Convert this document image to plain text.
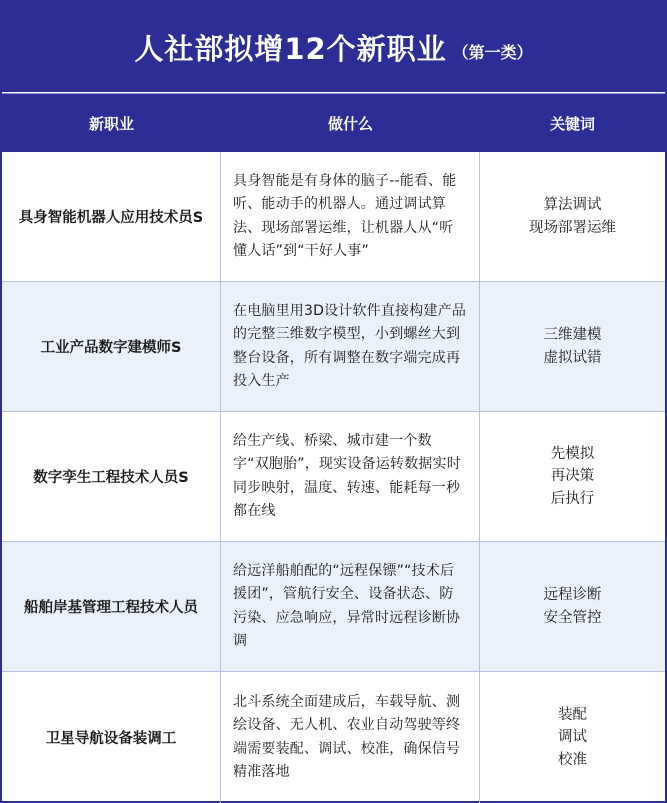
人社部拟增12个新职业 （第一类）
新职业	做什么	关键词
具身智能机器人应用技术员S
具身智能是有身体的脑子--能看、能听、能动手的机器人。通过调试算法、现场部署运维，让机器人从“听懂人话”到“干好人事”
算法调试
现场部署运维
工业产品数字建模师S
在电脑里用3D设计软件直接构建产品的完整三维数字模型，小到螺丝大到整台设备，所有调整在数字端完成再投入生产
三维建模
虚拟试错
数字孪生工程技术人员S
给生产线、桥梁、城市建一个数字“双胞胎”，现实设备运转数据实时同步映射，温度、转速、能耗每一秒都在线
先模拟
再决策
后执行
船舶岸基管理工程技术人员
给远洋船舶配的“远程保镖”“技术后援团”，管航行安全、设备状态、防污染、应急响应，异常时远程诊断协调
远程诊断
安全管控
卫星导航设备装调工
北斗系统全面建成后，车载导航、测绘设备、无人机、农业自动驾驶等终端需要装配、调试、校准，确保信号精准落地
装配
调试
校准
